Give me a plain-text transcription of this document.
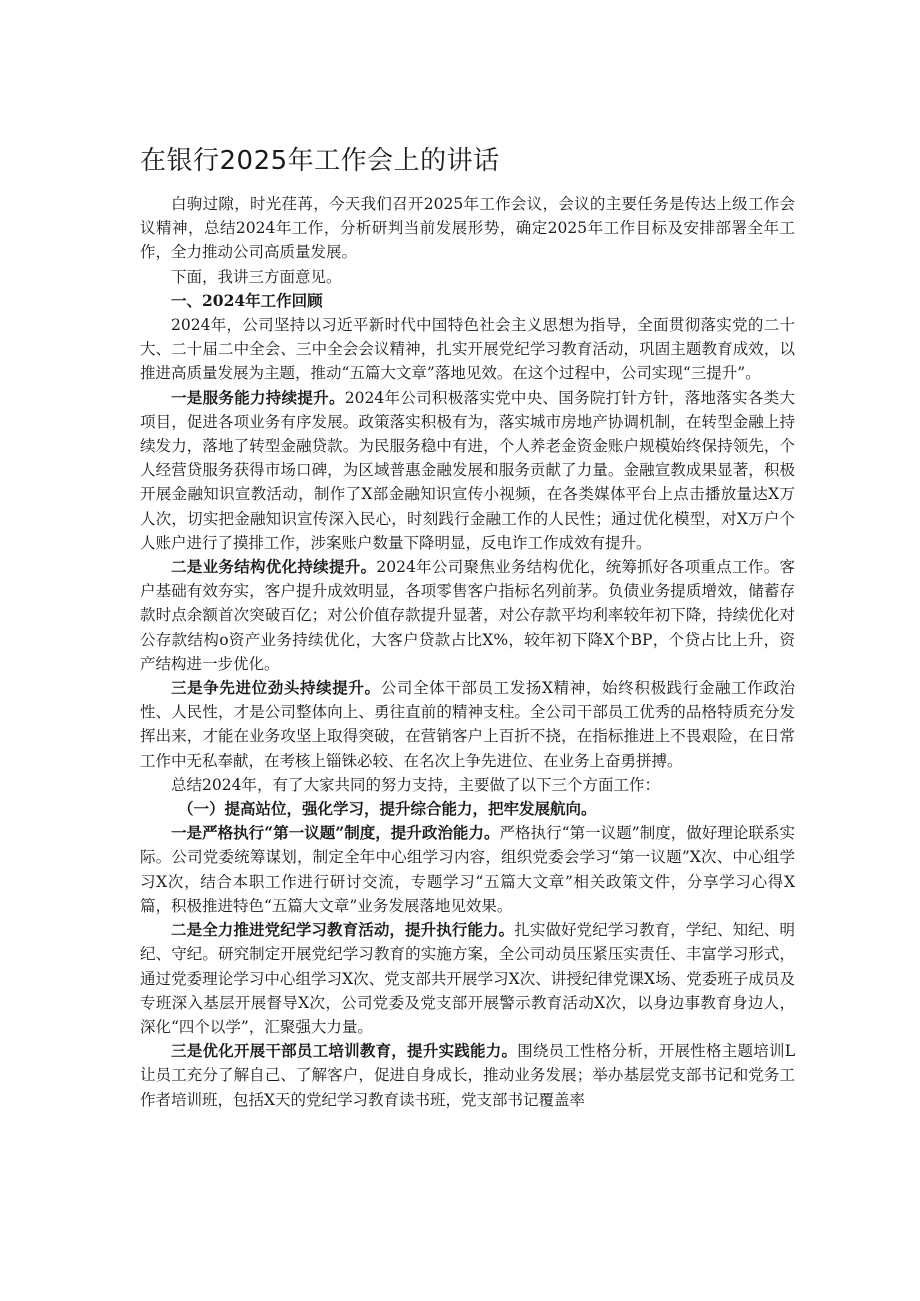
在银行2025年工作会上的讲话

白驹过隙，时光荏苒，今天我们召开2025年工作会议，会议的主要任务是传达上级工作会议精神，总结2024年工作，分析研判当前发展形势，确定2025年工作目标及安排部署全年工作，全力推动公司高质量发展。

下面，我讲三方面意见。

一、2024年工作回顾

2024年，公司坚持以习近平新时代中国特色社会主义思想为指导，全面贯彻落实党的二十大、二十届二中全会、三中全会会议精神，扎实开展党纪学习教育活动，巩固主题教育成效，以推进高质量发展为主题，推动“五篇大文章”落地见效。在这个过程中，公司实现“三提升”。

一是服务能力持续提升。2024年公司积极落实党中央、国务院打针方针，落地落实各类大项目，促进各项业务有序发展。政策落实积极有为，落实城市房地产协调机制，在转型金融上持续发力，落地了转型金融贷款。为民服务稳中有进，个人养老金资金账户规模始终保持领先，个人经营贷服务获得市场口碑，为区域普惠金融发展和服务贡献了力量。金融宣教成果显著，积极开展金融知识宣教活动，制作了X部金融知识宣传小视频，在各类媒体平台上点击播放量达X万人次，切实把金融知识宣传深入民心，时刻践行金融工作的人民性；通过优化模型，对X万户个人账户进行了摸排工作，涉案账户数量下降明显，反电诈工作成效有提升。

二是业务结构优化持续提升。2024年公司聚焦业务结构优化，统筹抓好各项重点工作。客户基础有效夯实，客户提升成效明显，各项零售客户指标名列前茅。负债业务提质增效，储蓄存款时点余额首次突破百亿；对公价值存款提升显著，对公存款平均利率较年初下降，持续优化对公存款结构o资产业务持续优化，大客户贷款占比X%，较年初下降X个BP，个贷占比上升，资产结构进一步优化。

三是争先进位劲头持续提升。公司全体干部员工发扬X精神，始终积极践行金融工作政治性、人民性，才是公司整体向上、勇往直前的精神支柱。全公司干部员工优秀的品格特质充分发挥出来，才能在业务攻坚上取得突破，在营销客户上百折不挠，在指标推进上不畏艰险，在日常工作中无私奉献，在考核上锱铢必较、在名次上争先进位、在业务上奋勇拼搏。

总结2024年，有了大家共同的努力支持，主要做了以下三个方面工作：

（一）提高站位，强化学习，提升综合能力，把牢发展航向。

一是严格执行“第一议题”制度，提升政治能力。严格执行“第一议题”制度，做好理论联系实际。公司党委统筹谋划，制定全年中心组学习内容，组织党委会学习“第一议题”X次、中心组学习X次，结合本职工作进行研讨交流，专题学习“五篇大文章”相关政策文件，分享学习心得X篇，积极推进特色“五篇大文章”业务发展落地见效果。

二是全力推进党纪学习教育活动，提升执行能力。扎实做好党纪学习教育，学纪、知纪、明纪、守纪。研究制定开展党纪学习教育的实施方案，全公司动员压紧压实责任、丰富学习形式，通过党委理论学习中心组学习X次、党支部共开展学习X次、讲授纪律党课X场、党委班子成员及专班深入基层开展督导X次，公司党委及党支部开展警示教育活动X次，以身边事教育身边人，深化“四个以学”，汇聚强大力量。

三是优化开展干部员工培训教育，提升实践能力。围绕员工性格分析，开展性格主题培训L让员工充分了解自己、了解客户，促进自身成长，推动业务发展；举办基层党支部书记和党务工作者培训班，包括X天的党纪学习教育读书班，党支部书记覆盖率
